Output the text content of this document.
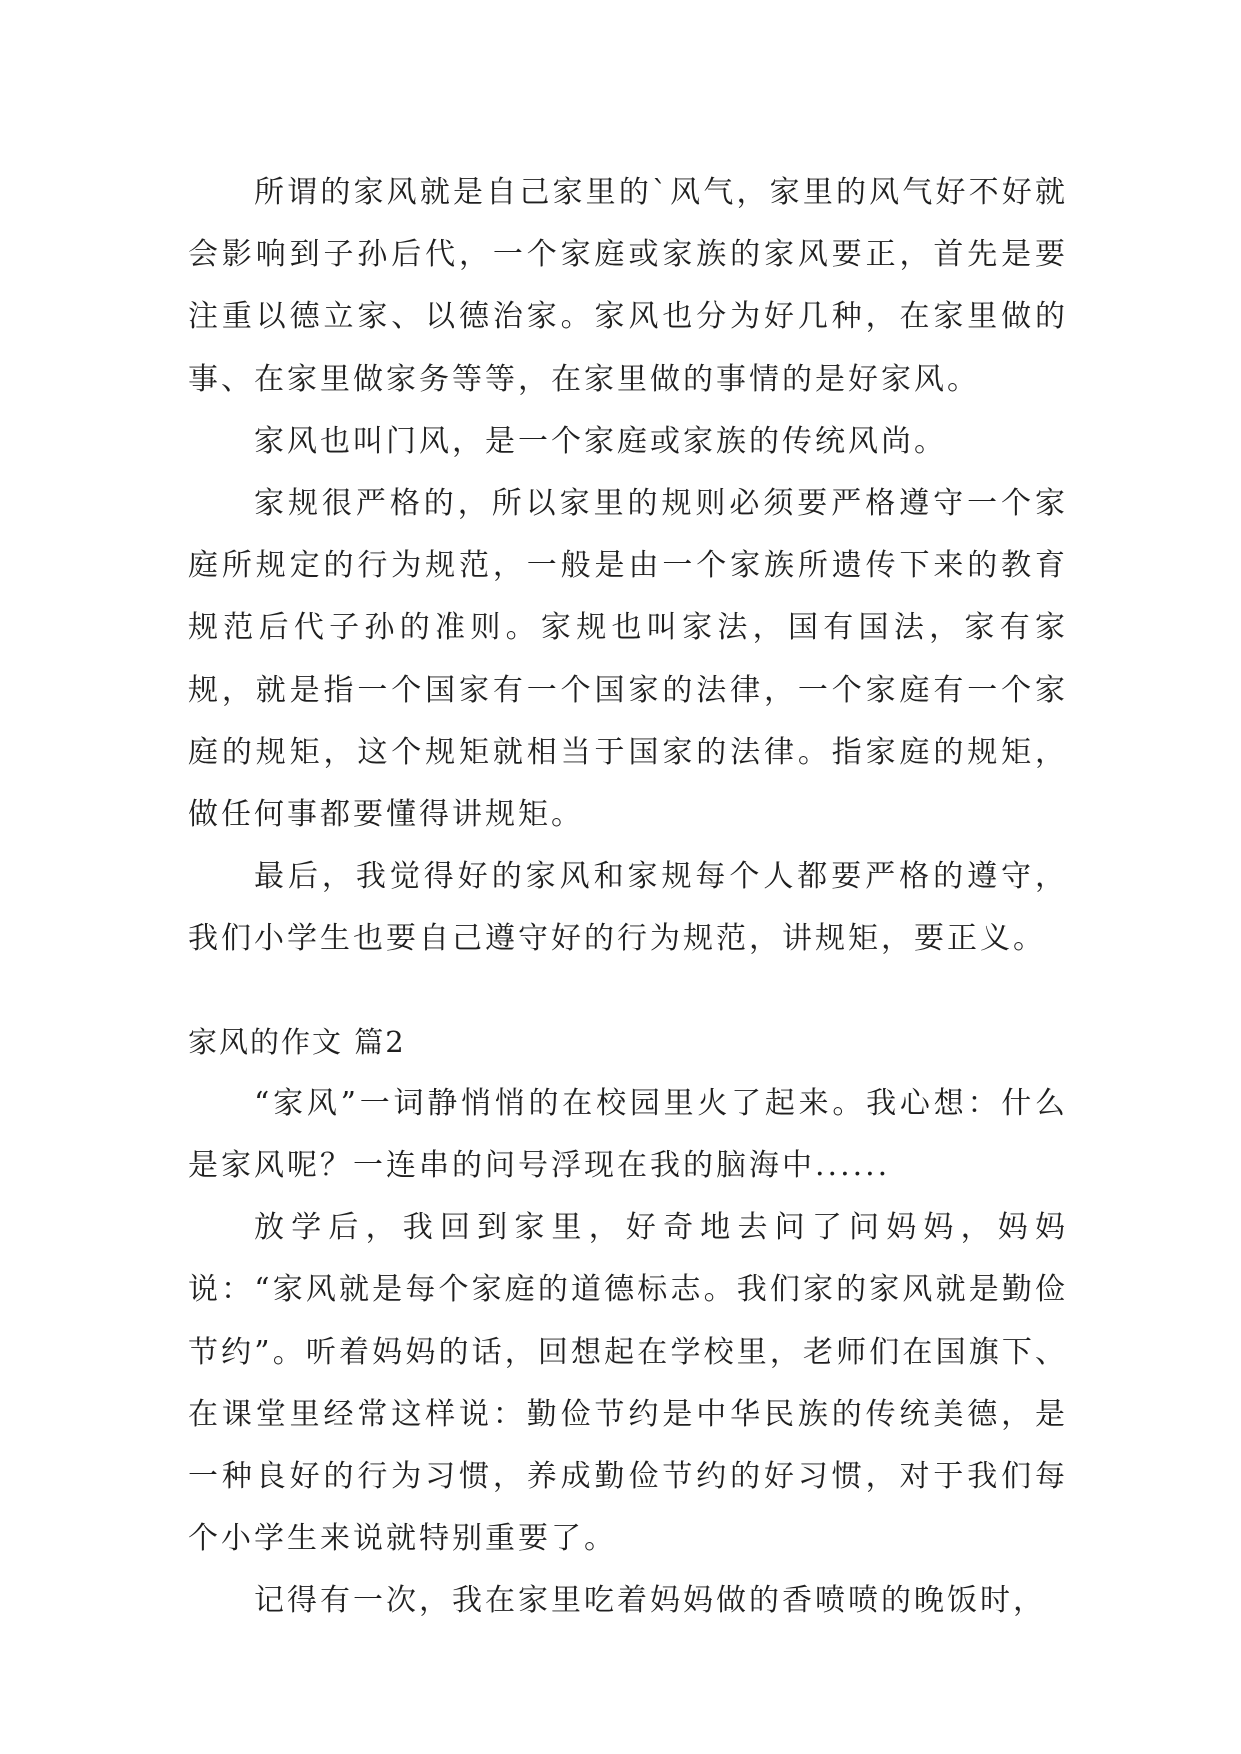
所谓的家风就是自己家里的`风气，家里的风气好不好就会影响到子孙后代，一个家庭或家族的家风要正，首先是要注重以德立家、以德治家。家风也分为好几种，在家里做的事、在家里做家务等等，在家里做的事情的是好家风。

家风也叫门风，是一个家庭或家族的传统风尚。

家规很严格的，所以家里的规则必须要严格遵守一个家庭所规定的行为规范，一般是由一个家族所遗传下来的教育规范后代子孙的准则。家规也叫家法，国有国法，家有家规，就是指一个国家有一个国家的法律，一个家庭有一个家庭的规矩，这个规矩就相当于国家的法律。指家庭的规矩，做任何事都要懂得讲规矩。

最后，我觉得好的家风和家规每个人都要严格的遵守，我们小学生也要自己遵守好的行为规范，讲规矩，要正义。

家风的作文 篇2

“家风”一词静悄悄的在校园里火了起来。我心想：什么是家风呢？一连串的问号浮现在我的脑海中......

放学后，我回到家里，好奇地去问了问妈妈，妈妈说：“家风就是每个家庭的道德标志。我们家的家风就是勤俭节约”。听着妈妈的话，回想起在学校里，老师们在国旗下、在课堂里经常这样说：勤俭节约是中华民族的传统美德，是一种良好的行为习惯，养成勤俭节约的好习惯，对于我们每个小学生来说就特别重要了。

记得有一次，我在家里吃着妈妈做的香喷喷的晚饭时，
